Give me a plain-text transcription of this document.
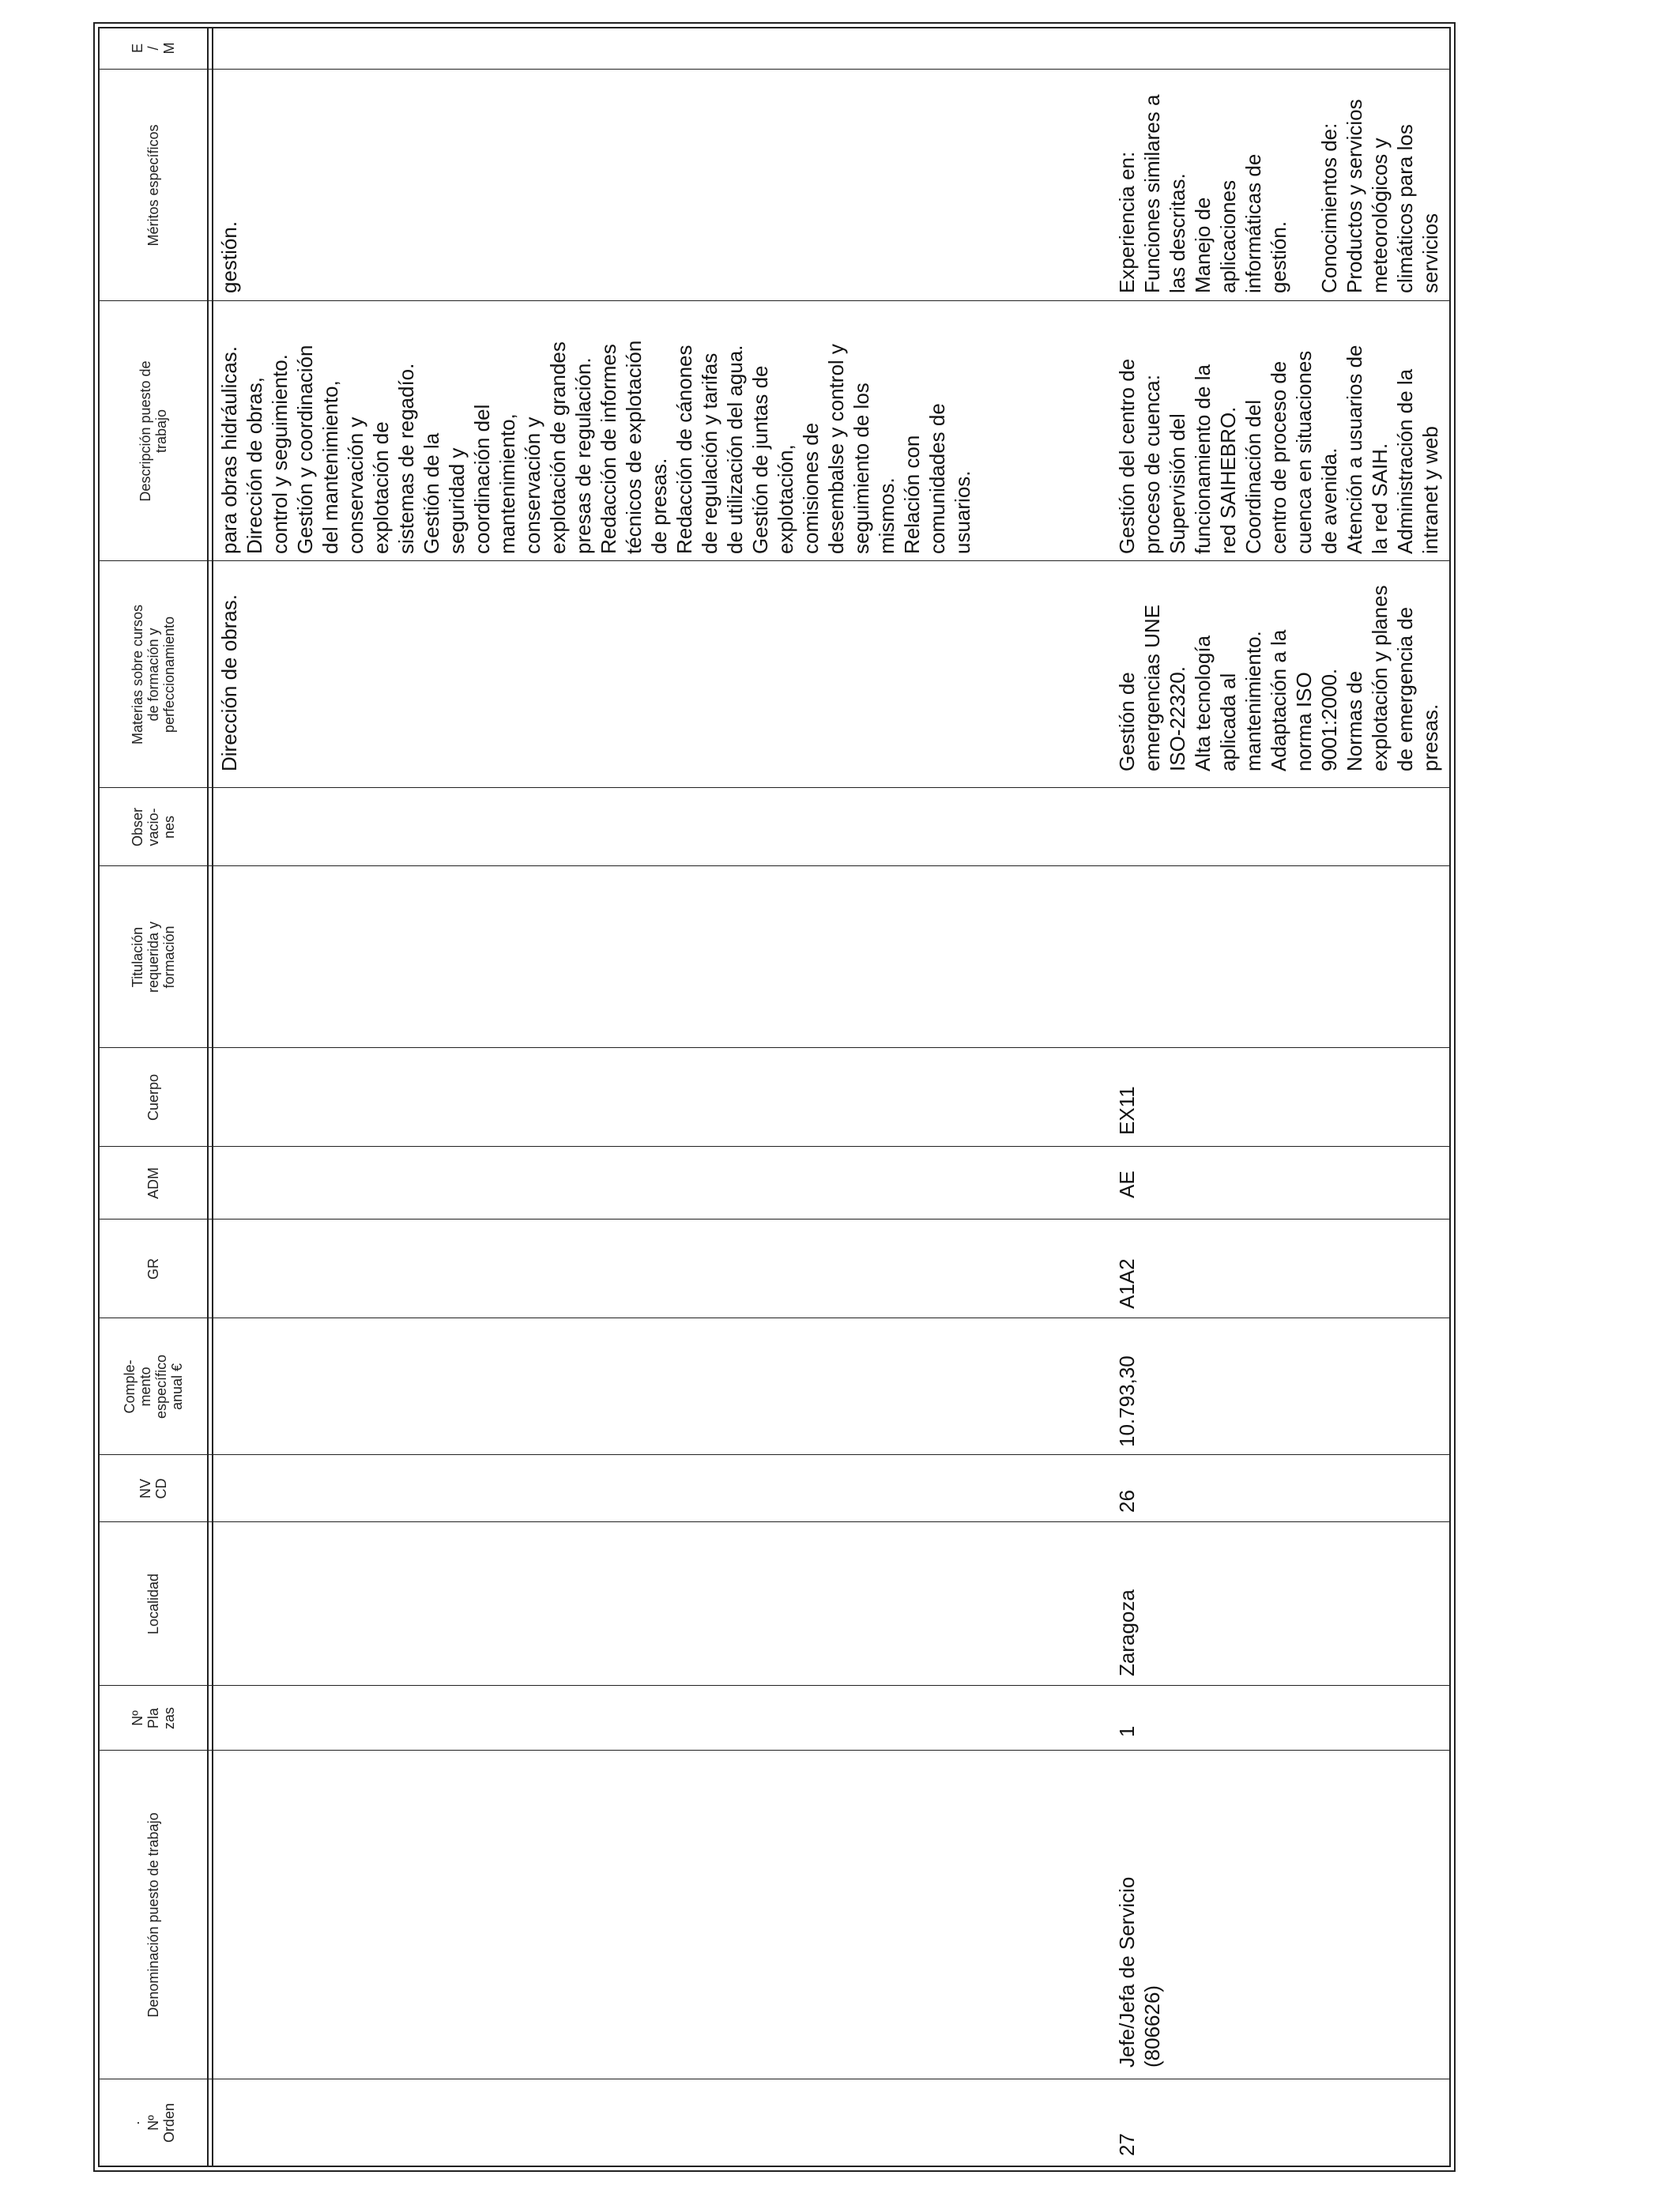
·
Nº
Orden
Denominación puesto de trabajo
Nº
Pla
zas
Localidad
NV
CD
Comple-
mento
específico
anual €
GR
ADM
Cuerpo
Titulación
requerida y
formación
Obser
vacio-
nes
Materias sobre cursos
de formación y
perfeccionamiento
Descripción puesto de
trabajo
Méritos específicos
E
/
M
Dirección de obras.
para obras hidráulicas.
Dirección de obras,
control y seguimiento.
Gestión y coordinación
del mantenimiento,
conservación y
explotación de
sistemas de regadío.
Gestión de la
seguridad y
coordinación del
mantenimiento,
conservación y
explotación de grandes
presas de regulación.
Redacción de informes
técnicos de explotación
de presas.
Redacción de cánones
de regulación y tarifas
de utilización del agua.
Gestión de juntas de
explotación,
comisiones de
desembalse y control y
seguimiento de los
mismos.
Relación con
comunidades de
usuarios.
gestión.
27
Jefe/Jefa de Servicio
(806626)
1
Zaragoza
26
10.793,30
A1A2
AE
EX11
Gestión de
emergencias UNE
ISO-22320.
Alta tecnología
aplicada al
mantenimiento.
Adaptación a la
norma ISO
9001:2000.
Normas de
explotación y planes
de emergencia de
presas.
Gestión del centro de
proceso de cuenca:
Supervisión del
funcionamiento de la
red SAIHEBRO.
Coordinación del
centro de proceso de
cuenca en situaciones
de avenida.
Atención a usuarios de
la red SAIH.
Administración de la
intranet y web
Experiencia en:
Funciones similares a
las descritas.
Manejo de
aplicaciones
informáticas de
gestión.

Conocimientos de:
Productos y servicios
meteorológicos y
climáticos para los
servicios
